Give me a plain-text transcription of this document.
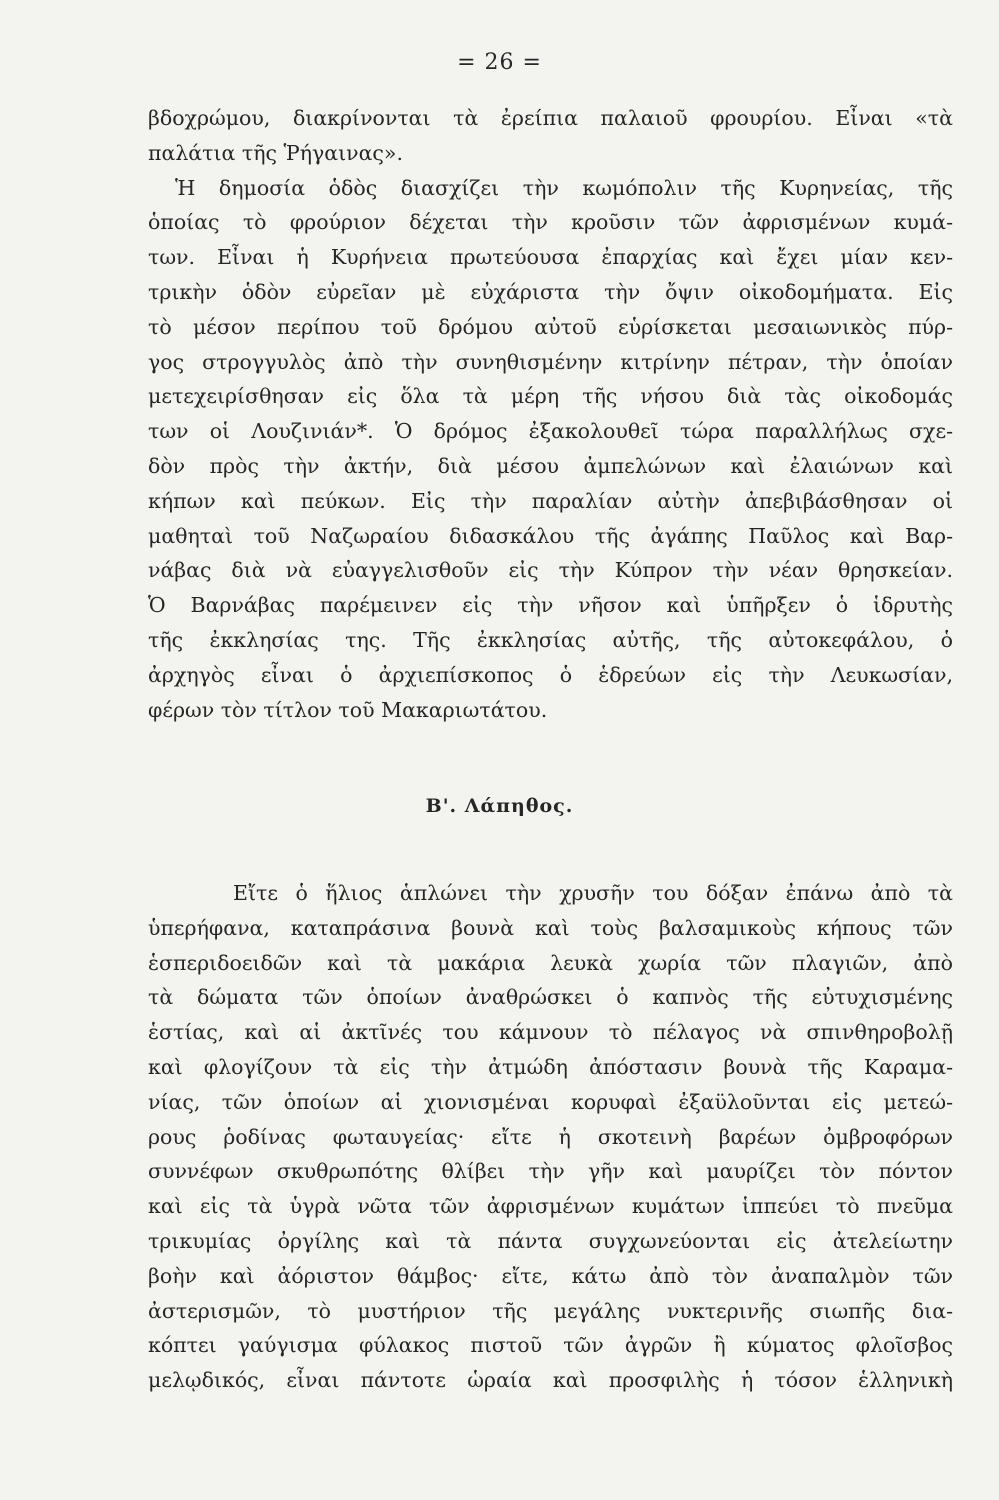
= 26 =
βδοχρώμου, διακρίνονται τὰ ἐρείπια παλαιοῦ φρουρίου. Εἶναι «τὰ
παλάτια τῆς Ῥήγαινας».
Ἡ δημοσία ὁδὸς διασχίζει τὴν κωμόπολιν τῆς Κυρηνείας, τῆς
ὁποίας τὸ φρούριον δέχεται τὴν κροῦσιν τῶν ἀφρισμένων κυμά-
των. Εἶναι ἡ Κυρήνεια πρωτεύουσα ἐπαρχίας καὶ ἔχει μίαν κεν-
τρικὴν ὁδὸν εὐρεῖαν μὲ εὐχάριστα τὴν ὄψιν οἰκοδομήματα. Εἰς
τὸ μέσον περίπου τοῦ δρόμου αὐτοῦ εὑρίσκεται μεσαιωνικὸς πύρ-
γος στρογγυλὸς ἀπὸ τὴν συνηθισμένην κιτρίνην πέτραν, τὴν ὁποίαν
μετεχειρίσθησαν εἰς ὅλα τὰ μέρη τῆς νήσου διὰ τὰς οἰκοδομάς
των οἱ Λουζινιάν*. Ὁ δρόμος ἐξακολουθεῖ τώρα παραλλήλως σχε-
δὸν πρὸς τὴν ἀκτήν, διὰ μέσου ἀμπελώνων καὶ ἐλαιώνων καὶ
κήπων καὶ πεύκων. Εἰς τὴν παραλίαν αὐτὴν ἀπεβιβάσθησαν οἱ
μαθηταὶ τοῦ Ναζωραίου διδασκάλου τῆς ἀγάπης Παῦλος καὶ Βαρ-
νάβας διὰ νὰ εὐαγγελισθοῦν εἰς τὴν Κύπρον τὴν νέαν θρησκείαν.
Ὁ Βαρνάβας παρέμεινεν εἰς τὴν νῆσον καὶ ὑπῆρξεν ὁ ἱδρυτὴς
τῆς ἐκκλησίας της. Τῆς ἐκκλησίας αὐτῆς, τῆς αὐτοκεφάλου, ὁ
ἀρχηγὸς εἶναι ὁ ἀρχιεπίσκοπος ὁ ἑδρεύων εἰς τὴν Λευκωσίαν,
φέρων τὸν τίτλον τοῦ Μακαριωτάτου.
Β'. Λάπηθος.
Εἴτε ὁ ἥλιος ἁπλώνει τὴν χρυσῆν του δόξαν ἐπάνω ἀπὸ τὰ
ὑπερήφανα, καταπράσινα βουνὰ καὶ τοὺς βαλσαμικοὺς κήπους τῶν
ἑσπεριδοειδῶν καὶ τὰ μακάρια λευκὰ χωρία τῶν πλαγιῶν, ἀπὸ
τὰ δώματα τῶν ὁποίων ἀναθρώσκει ὁ καπνὸς τῆς εὐτυχισμένης
ἑστίας, καὶ αἱ ἀκτῖνές του κάμνουν τὸ πέλαγος νὰ σπινθηροβολῇ
καὶ φλογίζουν τὰ εἰς τὴν ἀτμώδη ἀπόστασιν βουνὰ τῆς Καραμα-
νίας, τῶν ὁποίων αἱ χιονισμέναι κορυφαὶ ἐξαϋλοῦνται εἰς μετεώ-
ρους ῥοδίνας φωταυγείας· εἴτε ἡ σκοτεινὴ βαρέων ὀμβροφόρων
συννέφων σκυθρωπότης θλίβει τὴν γῆν καὶ μαυρίζει τὸν πόντον
καὶ εἰς τὰ ὑγρὰ νῶτα τῶν ἀφρισμένων κυμάτων ἱππεύει τὸ πνεῦμα
τρικυμίας ὀργίλης καὶ τὰ πάντα συγχωνεύονται εἰς ἀτελείωτην
βοὴν καὶ ἀόριστον θάμβος· εἴτε, κάτω ἀπὸ τὸν ἀναπαλμὸν τῶν
ἀστερισμῶν, τὸ μυστήριον τῆς μεγάλης νυκτερινῆς σιωπῆς δια-
κόπτει γαύγισμα φύλακος πιστοῦ τῶν ἀγρῶν ἢ κύματος φλοῖσβος
μελῳδικός, εἶναι πάντοτε ὡραία καὶ προσφιλὴς ἡ τόσον ἑλληνικὴ
